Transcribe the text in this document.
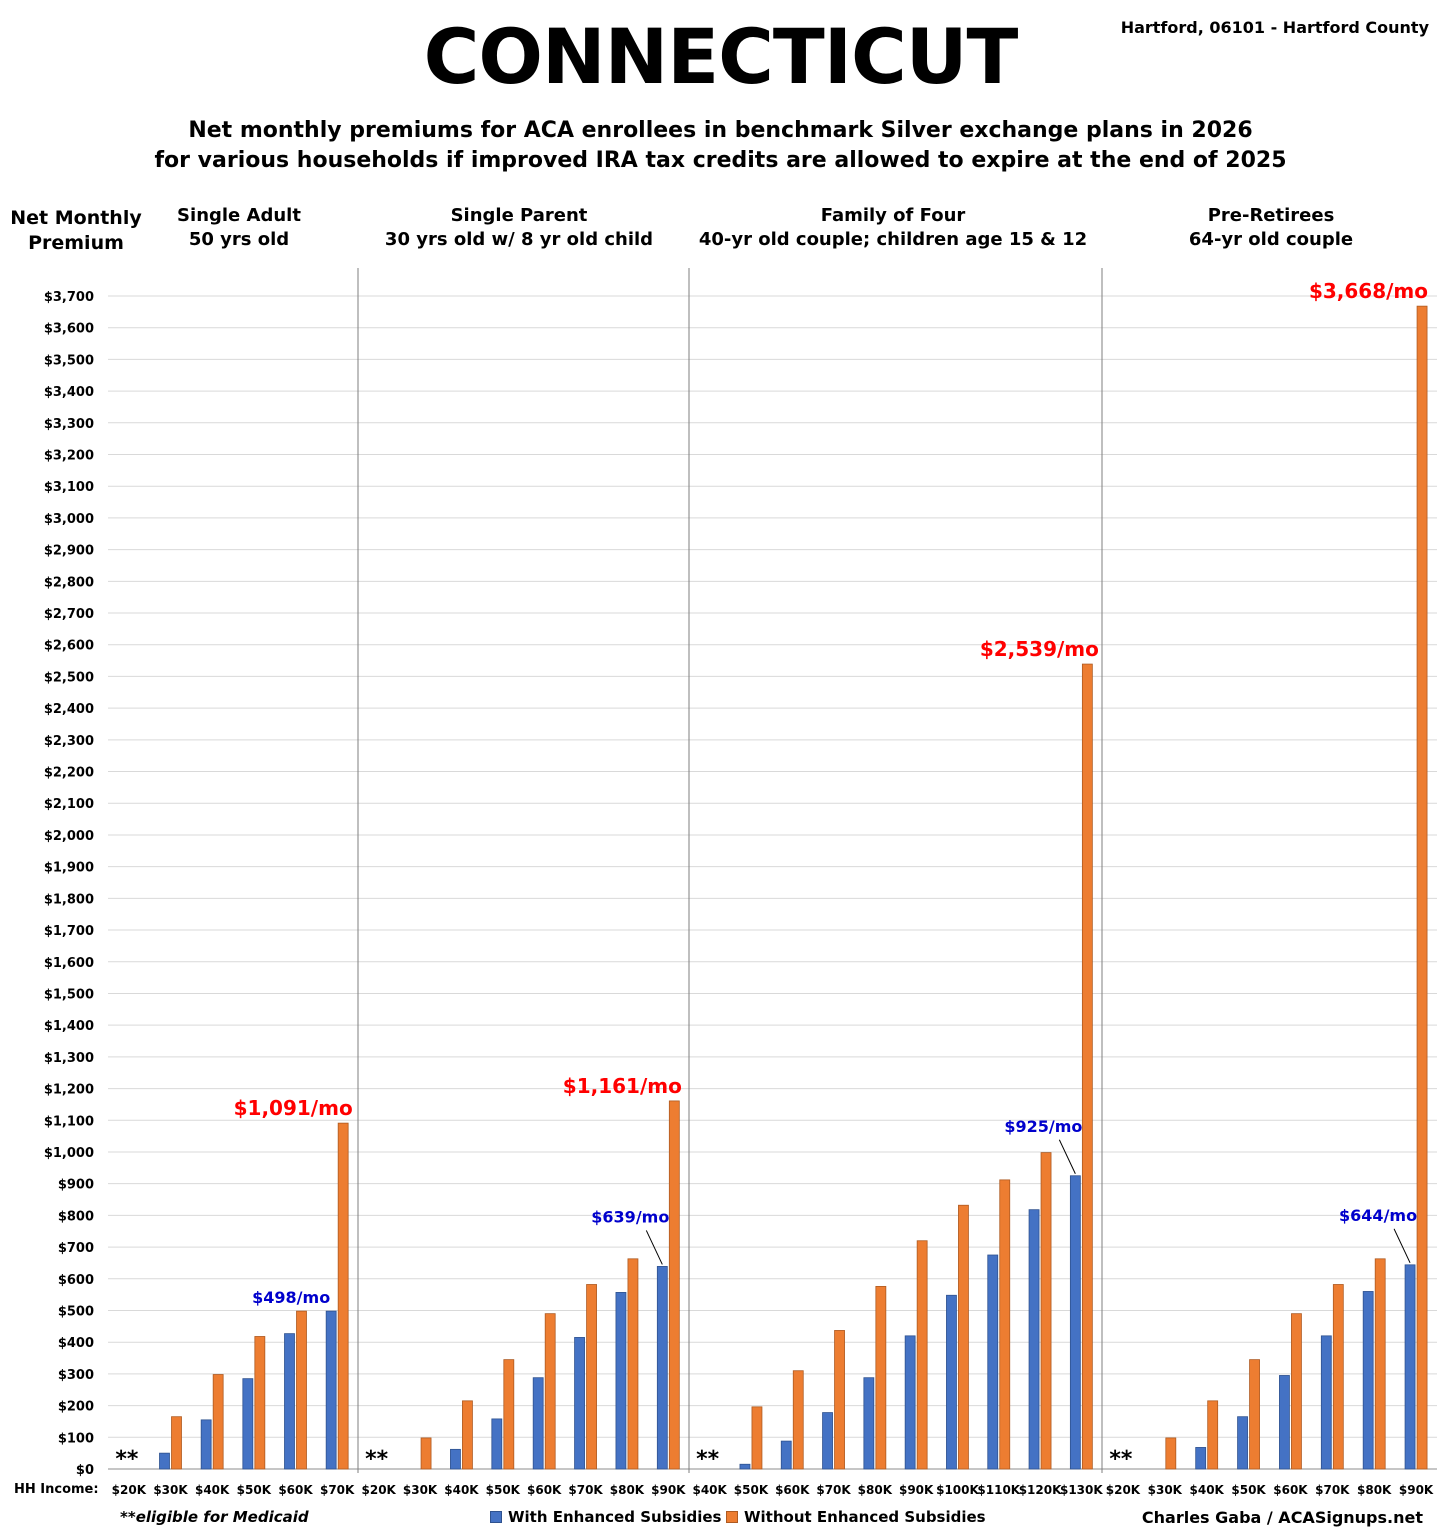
$0
$100
$200
$300
$400
$500
$600
$700
$800
$900
$1,000
$1,100
$1,200
$1,300
$1,400
$1,500
$1,600
$1,700
$1,800
$1,900
$2,000
$2,100
$2,200
$2,300
$2,400
$2,500
$2,600
$2,700
$2,800
$2,900
$3,000
$3,100
$3,200
$3,300
$3,400
$3,500
$3,600
$3,700
HH Income: $20K
**
$30K $40K $50K $60K $70K
$1,091/mo
$498/mo
$20K
**
$30K $40K $50K $60K $70K $80K $90K
$1,161/mo
$639/mo
$40K
**
$50K $60K $70K $80K $90K $100K
$110K
$120K
$130K
$2,539/mo
$925/mo
$20K
**
$30K $40K $50K $60K $70K $80K $90K
$3,668/mo
$644/mo
CONNECTICUT	Hartford, 06101 - Hartford County
Net monthly premiums for ACA enrollees in benchmark Silver exchange plans in 2026
for various households if improved IRA tax credits are allowed to expire at the end of 2025
Net Monthly
Premium
Single Adult
50 yrs old
Single Parent
30 yrs old w/ 8 yr old child
Family of Four
40-yr old couple; children age 15 & 12
Pre-Retirees
64-yr old couple
**eligible for Medicaid	With Enhanced Subsidies Without Enhanced Subsidies	Charles Gaba / ACASignups.net
